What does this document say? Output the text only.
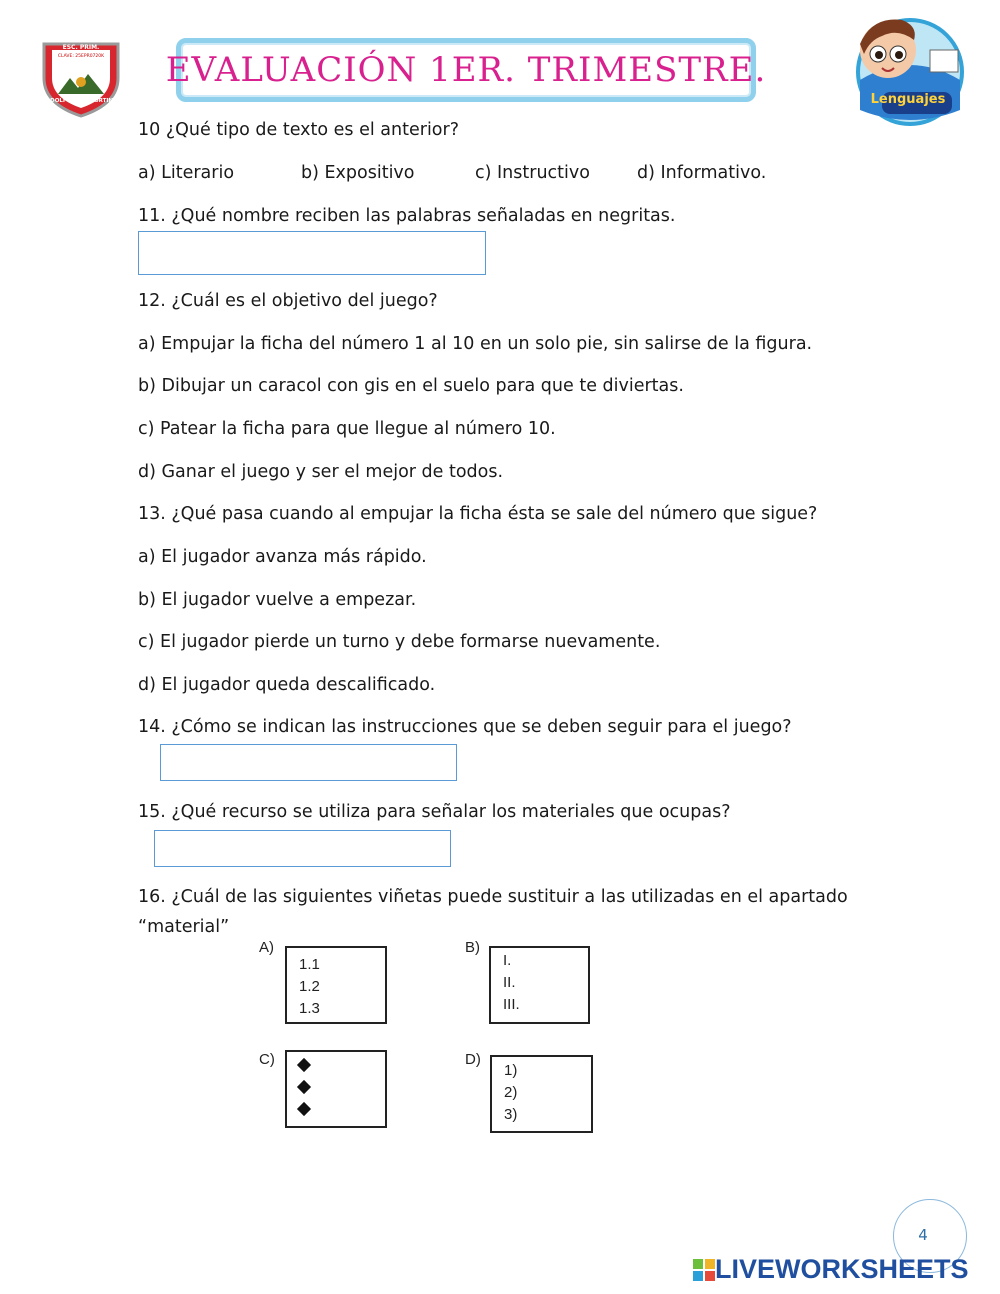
ESC. PRIM.
CLAVE: 25EPR0720K
RODOLFO RUIZ CORTINES
EVALUACIÓN 1ER. TRIMESTRE.
Lenguajes
10 ¿Qué tipo de texto es el anterior?
a) Literario	b) Expositivo	c) Instructivo	d) Informativo.
11. ¿Qué nombre reciben las palabras señaladas en negritas.
12. ¿Cuál es el objetivo del juego?
a) Empujar la ficha del número 1 al 10 en un solo pie, sin salirse de la figura.
b) Dibujar un caracol con gis en el suelo para que te diviertas.
c) Patear la ficha para que llegue al número 10.
d) Ganar el juego y ser el mejor de todos.
13. ¿Qué pasa cuando al empujar la ficha ésta se sale del número que sigue?
a) El jugador avanza más rápido.
b) El jugador vuelve a empezar.
c) El jugador pierde un turno y debe formarse nuevamente.
d) El jugador queda descalificado.
14. ¿Cómo se indican las instrucciones que se deben seguir para el juego?
15. ¿Qué recurso se utiliza para señalar los materiales que ocupas?
16. ¿Cuál de las siguientes viñetas puede sustituir a las utilizadas en el apartado
“material”
A)
1.1
1.2
1.3
B)
I.
II.
III.
C)	D)
1)
2)
3)
4
LIVEWORKSHEETS
